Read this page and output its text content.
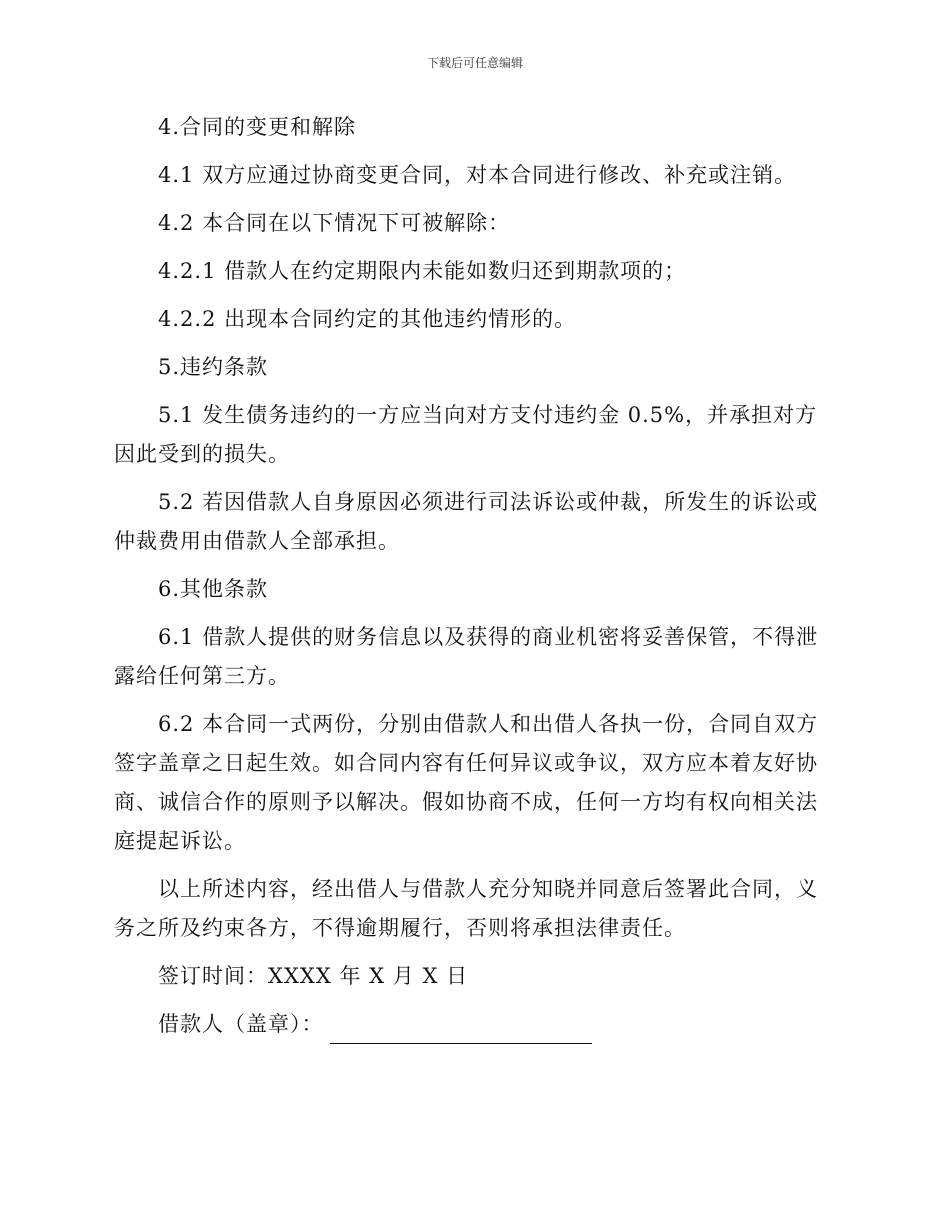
下载后可任意编辑

4.合同的变更和解除

4.1 双方应通过协商变更合同，对本合同进行修改、补充或注销。

4.2 本合同在以下情况下可被解除：

4.2.1 借款人在约定期限内未能如数归还到期款项的；

4.2.2 出现本合同约定的其他违约情形的。

5.违约条款

5.1 发生债务违约的一方应当向对方支付违约金 0.5%，并承担对方因此受到的损失。

5.2 若因借款人自身原因必须进行司法诉讼或仲裁，所发生的诉讼或仲裁费用由借款人全部承担。

6.其他条款

6.1 借款人提供的财务信息以及获得的商业机密将妥善保管，不得泄露给任何第三方。

6.2 本合同一式两份，分别由借款人和出借人各执一份，合同自双方签字盖章之日起生效。如合同内容有任何异议或争议，双方应本着友好协商、诚信合作的原则予以解决。假如协商不成，任何一方均有权向相关法庭提起诉讼。

以上所述内容，经出借人与借款人充分知晓并同意后签署此合同，义务之所及约束各方，不得逾期履行，否则将承担法律责任。

签订时间：XXXX 年 X 月 X 日

借款人（盖章）：
